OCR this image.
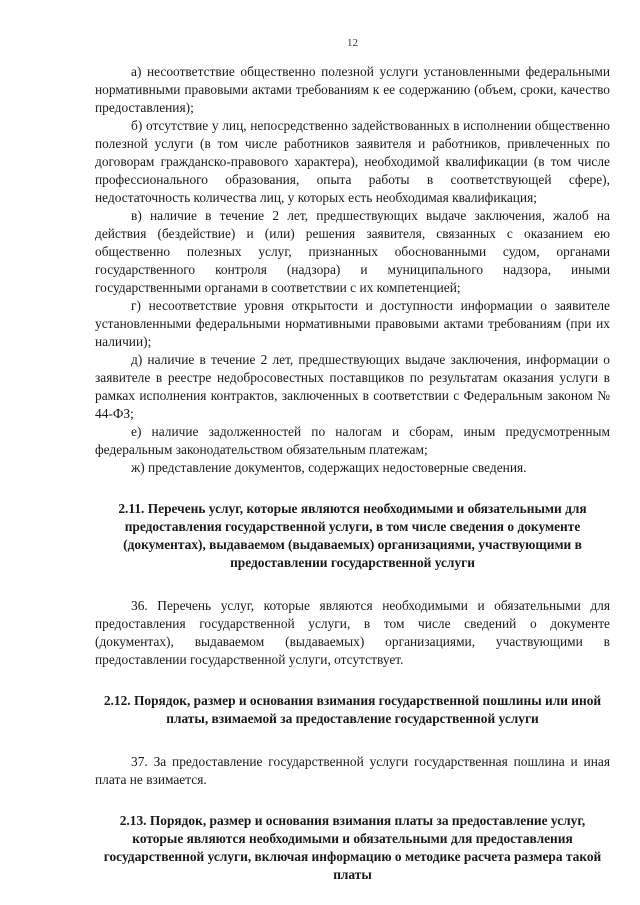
12

а) несоответствие общественно полезной услуги установленными федеральными нормативными правовыми актами требованиям к ее содержанию (объем, сроки, качество предоставления);

б) отсутствие у лиц, непосредственно задействованных в исполнении общественно полезной услуги (в том числе работников заявителя и работников, привлеченных по договорам гражданско-правового характера), необходимой квалификации (в том числе профессионального образования, опыта работы в соответствующей сфере), недостаточность количества лиц, у которых есть необходимая квалификация;

в) наличие в течение 2 лет, предшествующих выдаче заключения, жалоб на действия (бездействие) и (или) решения заявителя, связанных с оказанием ею общественно полезных услуг, признанных обоснованными судом, органами государственного контроля (надзора) и муниципального надзора, иными государственными органами в соответствии с их компетенцией;

г) несоответствие уровня открытости и доступности информации о заявителе установленными федеральными нормативными правовыми актами требованиям (при их наличии);

д) наличие в течение 2 лет, предшествующих выдаче заключения, информации о заявителе в реестре недобросовестных поставщиков по результатам оказания услуги в рамках исполнения контрактов, заключенных в соответствии с Федеральным законом № 44-ФЗ;

е) наличие задолженностей по налогам и сборам, иным предусмотренным федеральным законодательством обязательным платежам;

ж) представление документов, содержащих недостоверные сведения.

2.11. Перечень услуг, которые являются необходимыми и обязательными для предоставления государственной услуги, в том числе сведения о документе (документах), выдаваемом (выдаваемых) организациями, участвующими в предоставлении государственной услуги

36. Перечень услуг, которые являются необходимыми и обязательными для предоставления государственной услуги, в том числе сведений о документе (документах), выдаваемом (выдаваемых) организациями, участвующими в предоставлении государственной услуги, отсутствует.

2.12. Порядок, размер и основания взимания государственной пошлины или иной платы, взимаемой за предоставление государственной услуги

37. За предоставление государственной услуги государственная пошлина и иная плата не взимается.

2.13. Порядок, размер и основания взимания платы за предоставление услуг, которые являются необходимыми и обязательными для предоставления государственной услуги, включая информацию о методике расчета размера такой платы
